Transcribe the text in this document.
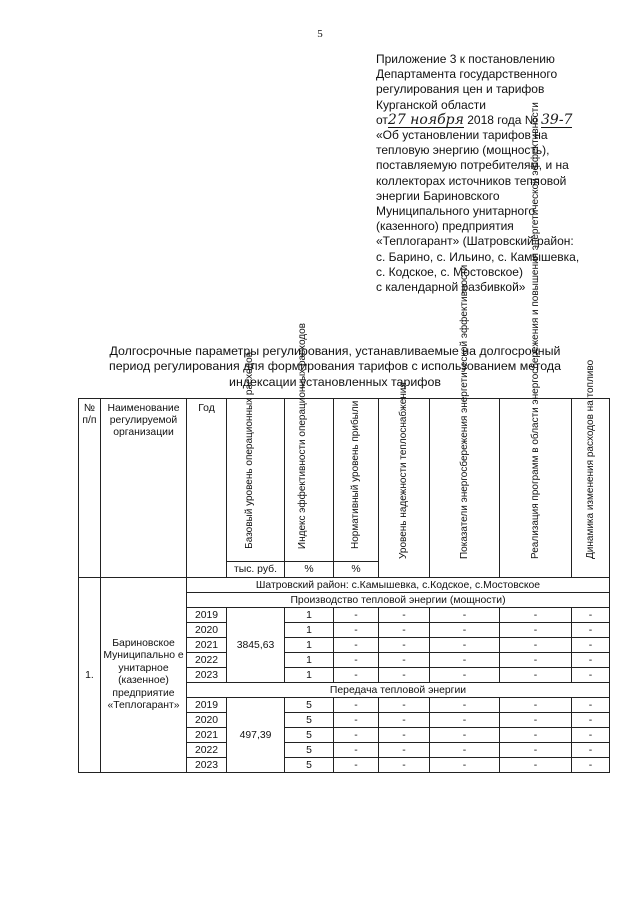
5
Приложение 3 к постановлению
Департамента государственного
регулирования цен и тарифов
Курганской области
от27 ноября 2018 года № 39-7
«Об установлении тарифов на
тепловую энергию (мощность),
поставляемую потребителям, и на
коллекторах источников тепловой
энергии Бариновского
Муниципального унитарного
(казенного) предприятия
«Теплогарант» (Шатровский район:
с. Барино, с. Ильино, с. Камышевка,
с. Кодское, с. Мостовское)
с календарной разбивкой»
Долгосрочные параметры регулирования, устанавливаемые на долгосрочный
период регулирования для формирования тарифов с использованием метода
индексации установленных тарифов
№ п/п	Наименование регулируемой организации	Год	Базовый уровень операционных расходов	Индекс эффективности операционных расходов	Нормативный уровень прибыли	Уровень надежности теплоснабжения	Показатели энергосбережения энергетической эффективности	Реализация программ в области энергосбережения и повышения энергетической эффективности	Динамика изменения расходов на топливо

			тыс. руб.	%	%				
1.	Бариновское Муниципально е унитарное (казенное) предприятие «Теплогарант»	Шатровский район: с.Камышевка, с.Кодское, с.Мостовское							
		Производство тепловой энергии (мощности)							
		2019	3845,63	1	-	-	-	-	-
		2020		1	-	-	-	-	-
		2021		1	-	-	-	-	-
		2022		1	-	-	-	-	-
		2023		1	-	-	-	-	-
		Передача тепловой энергии							
		2019	497,39	5	-	-	-	-	-
		2020		5	-	-	-	-	-
		2021		5	-	-	-	-	-
		2022		5	-	-	-	-	-
		2023		5	-	-	-	-	-
